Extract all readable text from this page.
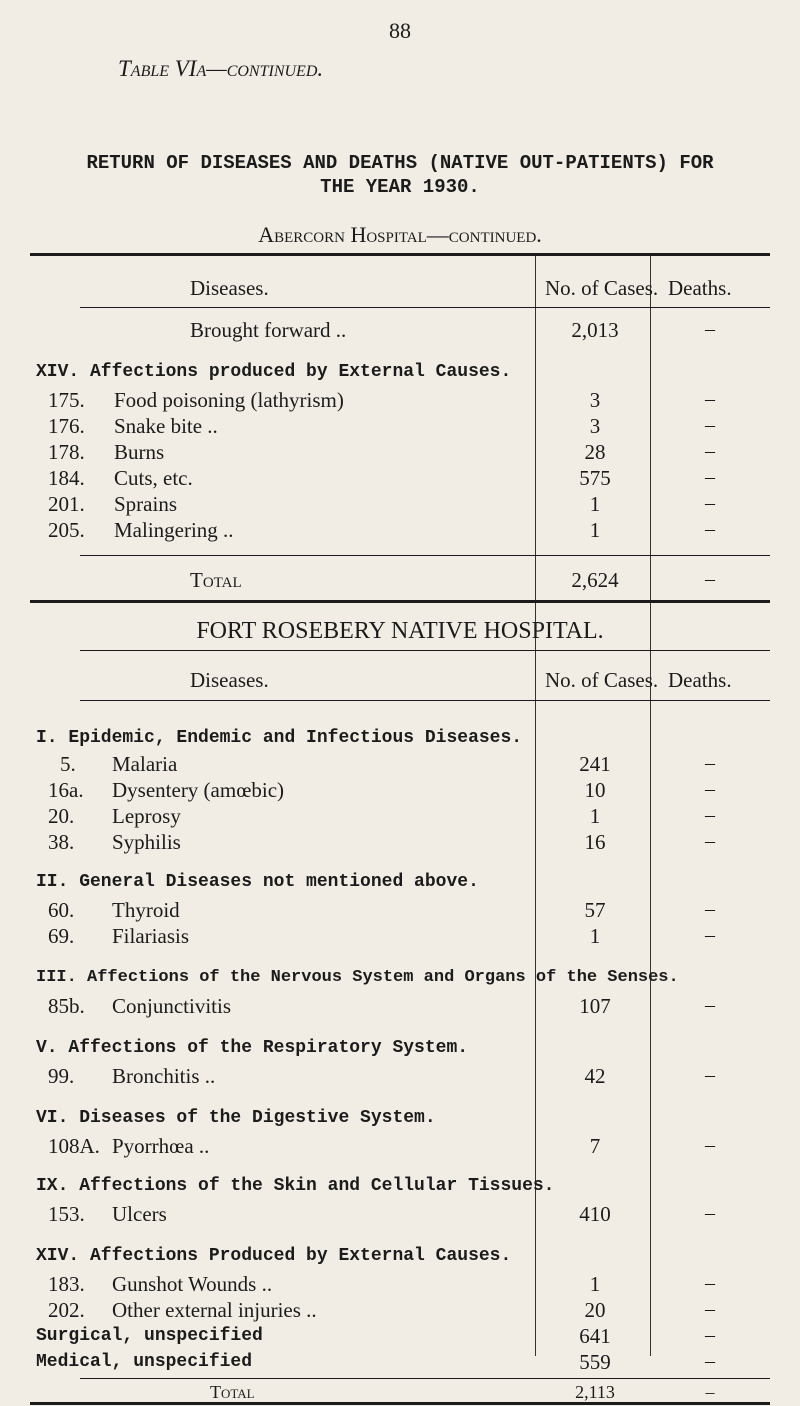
88
Table VIa—continued.
RETURN OF DISEASES AND DEATHS (NATIVE OUT-PATIENTS) FOR
THE YEAR 1930.
Abercorn Hospital—continued.
Diseases.	No. of Cases. Deaths.
Brought forward ..	2,013	–
XIV. Affections produced by External Causes.
175. Food poisoning (lathyrism)	3	–
176. Snake bite ..	3	–
178. Burns	28	–
184. Cuts, etc.	575	–
201. Sprains	1	–
205. Malingering ..	1	–
Total	2,624	–
FORT ROSEBERY NATIVE HOSPITAL.
Diseases.	No. of Cases. Deaths.
I. Epidemic, Endemic and Infectious Diseases.
5. Malaria	241	–
16a. Dysentery (amœbic)	10	–
20. Leprosy	1	–
38. Syphilis	16	–
II. General Diseases not mentioned above.
60. Thyroid	57	–
69. Filariasis	1	–
III. Affections of the Nervous System and Organs of the Senses.
85b. Conjunctivitis	107	–
V. Affections of the Respiratory System.
99. Bronchitis ..	42	–
VI. Diseases of the Digestive System.
108A. Pyorrhœa ..	7	–
IX. Affections of the Skin and Cellular Tissues.
153. Ulcers	410	–
XIV. Affections Produced by External Causes.
183. Gunshot Wounds ..	1	–
202. Other external injuries ..	20	–
Surgical, unspecified	641	–
Medical, unspecified	559	–
Total	2,113	–
